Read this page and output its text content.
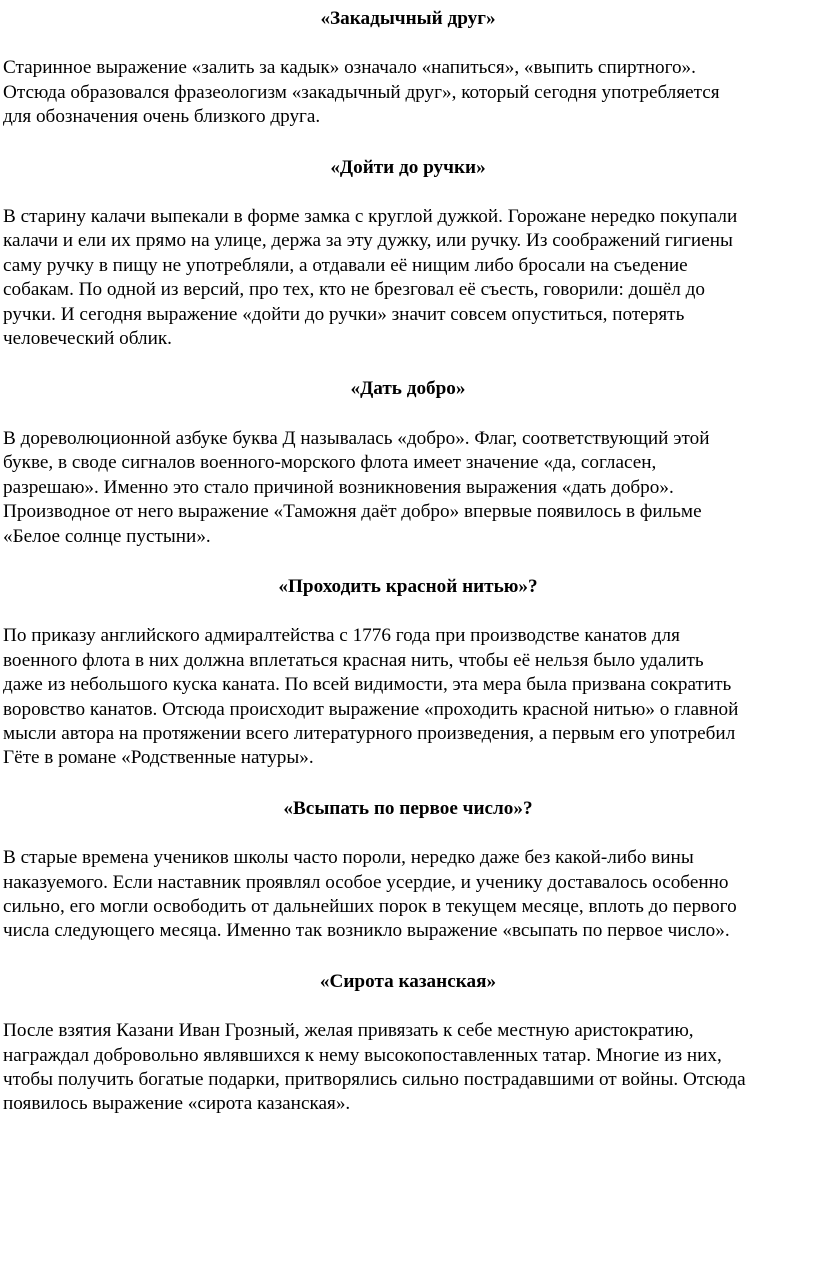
«Закадычный друг»
Старинное выражение «залить за кадык» означало «напиться», «выпить спиртного».
Отсюда образовался фразеологизм «закадычный друг», который сегодня употребляется
для обозначения очень близкого друга.
«Дойти до ручки»
В старину калачи выпекали в форме замка с круглой дужкой. Горожане нередко покупали
калачи и ели их прямо на улице, держа за эту дужку, или ручку. Из соображений гигиены
саму ручку в пищу не употребляли, а отдавали её нищим либо бросали на съедение
собакам. По одной из версий, про тех, кто не брезговал её съесть, говорили: дошёл до
ручки. И сегодня выражение «дойти до ручки» значит совсем опуститься, потерять
человеческий облик.
«Дать добро»
В дореволюционной азбуке буква Д называлась «добро». Флаг, соответствующий этой
букве, в своде сигналов военного-морского флота имеет значение «да, согласен,
разрешаю». Именно это стало причиной возникновения выражения «дать добро».
Производное от него выражение «Таможня даёт добро» впервые появилось в фильме
«Белое солнце пустыни».
«Проходить красной нитью»?
По приказу английского адмиралтейства с 1776 года при производстве канатов для
военного флота в них должна вплетаться красная нить, чтобы её нельзя было удалить
даже из небольшого куска каната. По всей видимости, эта мера была призвана сократить
воровство канатов. Отсюда происходит выражение «проходить красной нитью» о главной
мысли автора на протяжении всего литературного произведения, а первым его употребил
Гёте в романе «Родственные натуры».
«Всыпать по первое число»?
В старые времена учеников школы часто пороли, нередко даже без какой-либо вины
наказуемого. Если наставник проявлял особое усердие, и ученику доставалось особенно
сильно, его могли освободить от дальнейших порок в текущем месяце, вплоть до первого
числа следующего месяца. Именно так возникло выражение «всыпать по первое число».
«Сирота казанская»
После взятия Казани Иван Грозный, желая привязать к себе местную аристократию,
награждал добровольно являвшихся к нему высокопоставленных татар. Многие из них,
чтобы получить богатые подарки, притворялись сильно пострадавшими от войны. Отсюда
появилось выражение «сирота казанская».
